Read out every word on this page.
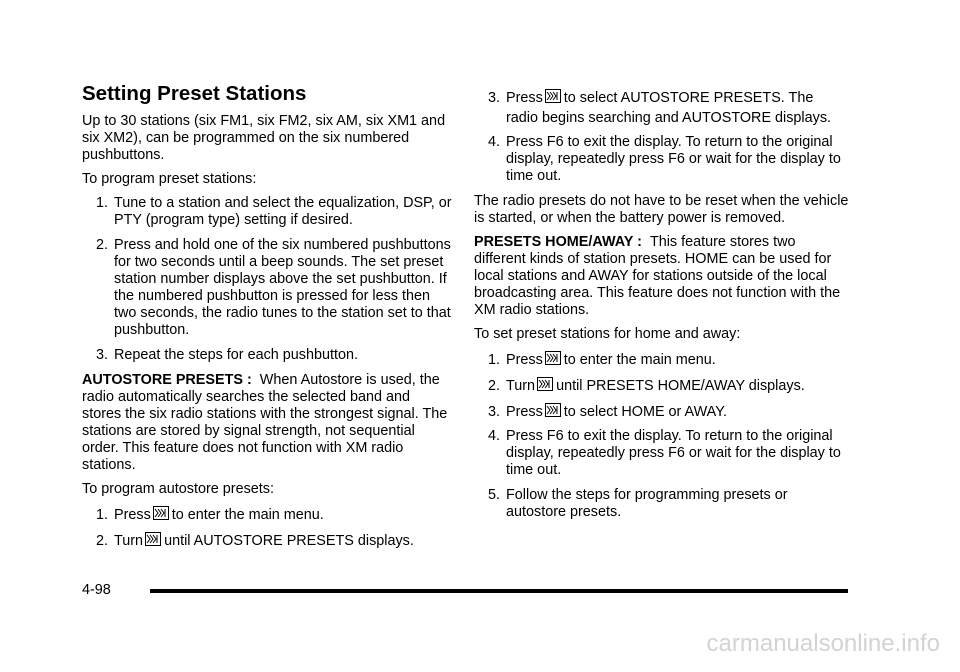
Setting Preset Stations

Up to 30 stations (six FM1, six FM2, six AM, six XM1 and six XM2), can be programmed on the six numbered pushbuttons.

To program preset stations:

1. Tune to a station and select the equalization, DSP, or PTY (program type) setting if desired.
2. Press and hold one of the six numbered pushbuttons for two seconds until a beep sounds. The set preset station number displays above the set pushbutton. If the numbered pushbutton is pressed for less then two seconds, the radio tunes to the station set to that pushbutton.
3. Repeat the steps for each pushbutton.

AUTOSTORE PRESETS : When Autostore is used, the radio automatically searches the selected band and stores the six radio stations with the strongest signal. The stations are stored by signal strength, not sequential order. This feature does not function with XM radio stations.

To program autostore presets:

1. Press to enter the main menu.
2. Turn until AUTOSTORE PRESETS displays.
3. Press to select AUTOSTORE PRESETS. The radio begins searching and AUTOSTORE displays.
4. Press F6 to exit the display. To return to the original display, repeatedly press F6 or wait for the display to time out.

The radio presets do not have to be reset when the vehicle is started, or when the battery power is removed.

PRESETS HOME/AWAY : This feature stores two different kinds of station presets. HOME can be used for local stations and AWAY for stations outside of the local broadcasting area. This feature does not function with the XM radio stations.

To set preset stations for home and away:

1. Press to enter the main menu.
2. Turn until PRESETS HOME/AWAY displays.
3. Press to select HOME or AWAY.
4. Press F6 to exit the display. To return to the original display, repeatedly press F6 or wait for the display to time out.
5. Follow the steps for programming presets or autostore presets.
4-98
carmanualsonline.info
